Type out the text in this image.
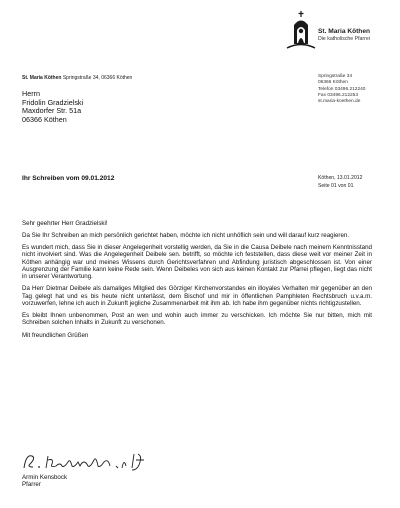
St. Maria Köthen
Die katholische Pfarrei
St. Maria Köthen Springstraße 34, 06366 Köthen	Springstraße 34
06366 Köthen
Telefon 03496.212240
Fax 03496.212253
st.maria-koethen.de
Herrn
Fridolin Gradzielski
Maxdorfer Str. 51a
06366 Köthen
Ihr Schreiben vom 09.01.2012	Köthen, 13.01.2012
Seite 01 von 01

Sehr geehrter Herr Gradzielski!

Da Sie Ihr Schreiben an mich persönlich gerichtet haben, möchte ich nicht unhöflich sein und will darauf kurz reagieren.

Es wundert mich, dass Sie in dieser Angelegenheit vorstellig werden, da Sie in die Causa Deibele nach meinem Kenntnisstand nicht involviert sind. Was die Angelegenheit Deibele sen. betrifft, so möchte ich feststellen, dass diese weit vor meiner Zeit in Köthen anhängig war und meines Wissens durch Gerichtsverfahren und Abfindung juristisch abgeschlossen ist. Von einer Ausgrenzung der Familie kann keine Rede sein. Wenn Deibeles von sich aus keinen Kontakt zur Pfarrei pflegen, liegt das nicht in unserer Verantwortung.

Da Herr Dietmar Deibele als damaliges Mitglied des Görziger Kirchenvorstandes ein illoyales Verhalten mir gegenüber an den Tag gelegt hat und es bis heute nicht unterlässt, dem Bischof und mir in öffentlichen Pamphleten Rechtsbruch u.v.a.m. vorzuwerfen, lehne ich auch in Zukunft jegliche Zusammenarbeit mit ihm ab. Ich habe ihm gegenüber nichts richtigzustellen.

Es bleibt Ihnen unbenommen, Post an wen und wohin auch immer zu verschicken. Ich möchte Sie nur bitten, mich mit Schreiben solchen Inhalts in Zukunft zu verschonen.

Mit freundlichen Grüßen

Armin Kensbock
Pfarrer
